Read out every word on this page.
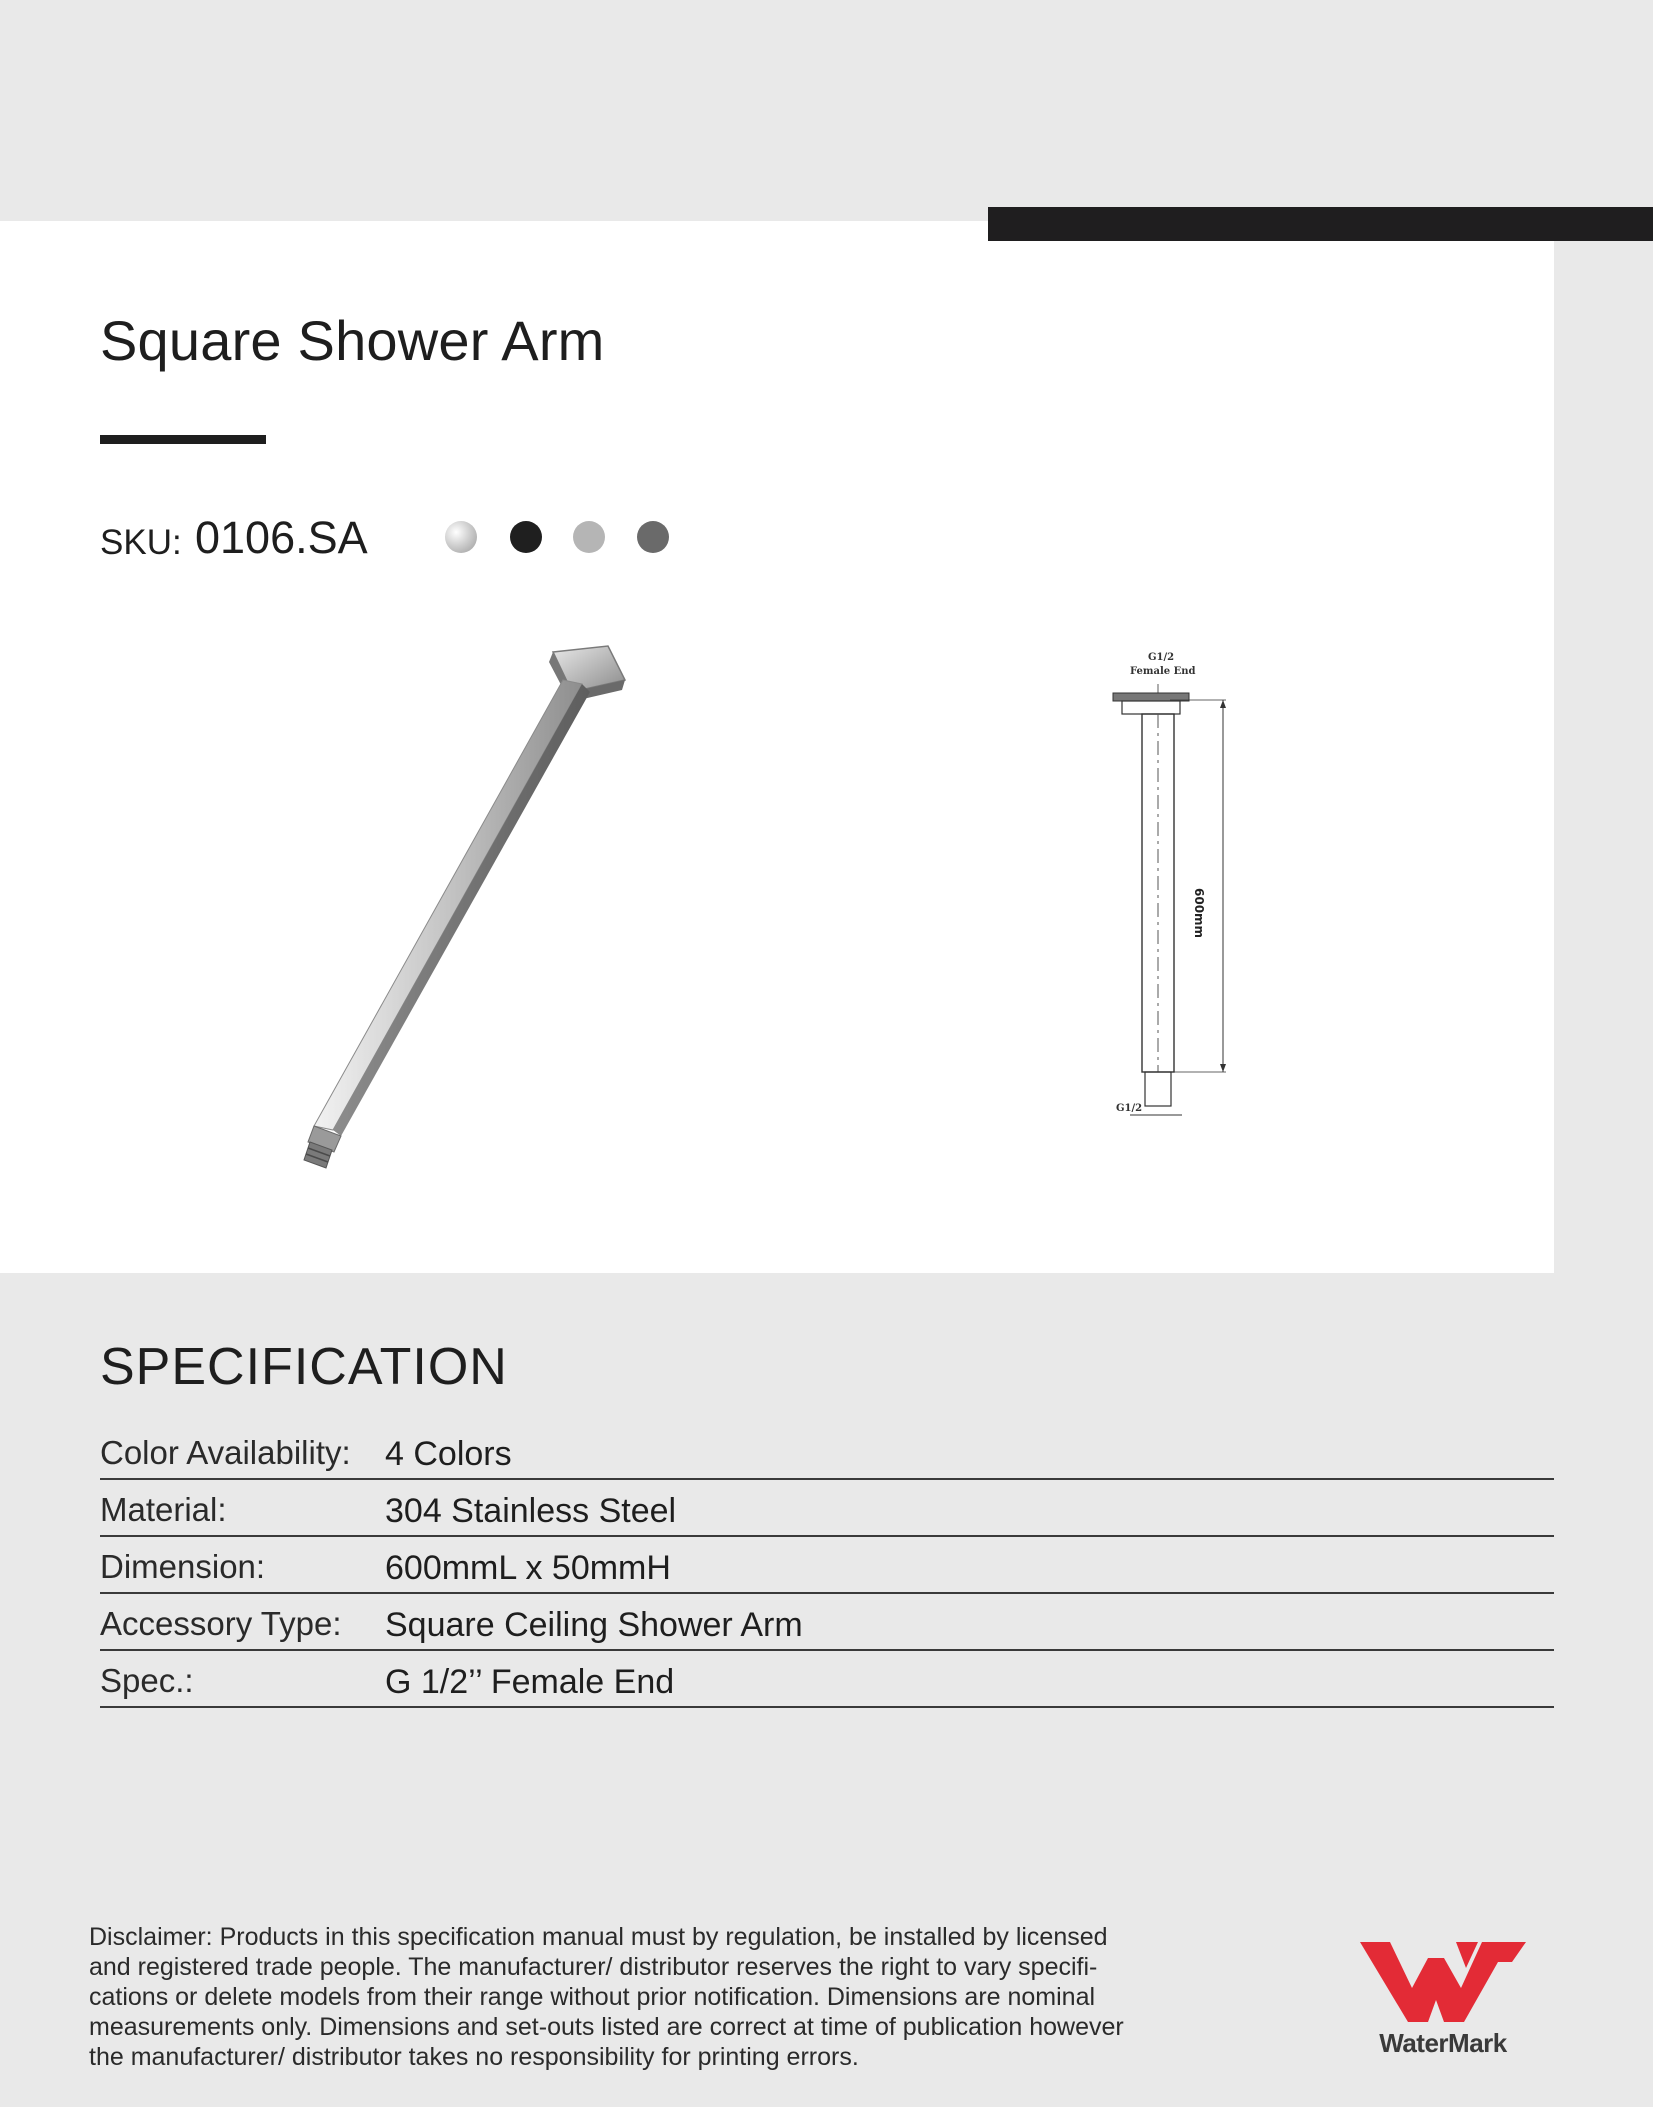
Square Shower Arm
SKU: 0106.SA
G1/2
Female End
600mm
G1/2
SPECIFICATION
Color Availability: 4 Colors
Material:	304 Stainless Steel
Dimension:	600mmL x 50mmH
Accessory Type: Square Ceiling Shower Arm
Spec.:	G 1/2’’ Female End

Disclaimer: Products in this specification manual must by regulation, be installed by licensed
and registered trade people. The manufacturer/ distributor reserves the right to vary specifi-
cations or delete models from their range without prior notification. Dimensions are nominal
measurements only. Dimensions and set-outs listed are correct at time of publication however
the manufacturer/ distributor takes no responsibility for printing errors.	WaterMark
